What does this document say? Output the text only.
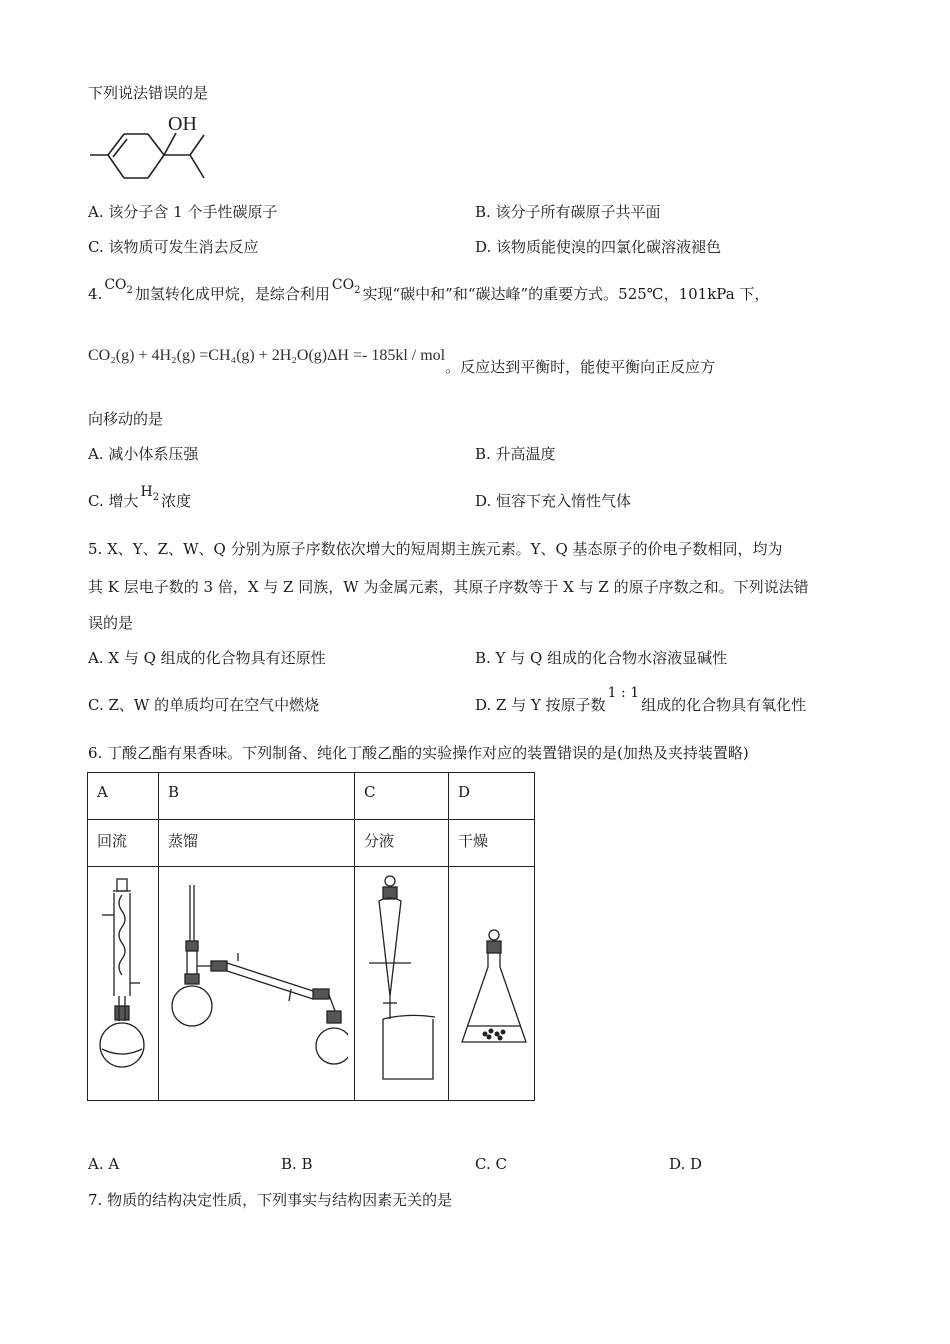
下列说法错误的是
OH
A. 该分子含 1 个手性碳原子	B. 该分子所有碳原子共平面
C. 该物质可发生消去反应	D. 该物质能使溴的四氯化碳溶液褪色
4. $CO_2$ 加氢转化成甲烷，是综合利用 $CO_2$ 实现“碳中和”和“碳达峰”的重要方式。525℃，101kPa 下，
CO₂(g) + 4H₂(g) =CH₄(g) + 2H₂O(g)ΔH =- 185kl / mol。反应达到平衡时，能使平衡向正反应方
向移动的是
A. 减小体系压强	B. 升高温度
C. 增大 $H_2$ 浓度	D. 恒容下充入惰性气体
5. X、Y、Z、W、Q 分别为原子序数依次增大的短周期主族元素。Y、Q 基态原子的价电子数相同，均为
其 K 层电子数的 3 倍，X 与 Z 同族，W 为金属元素，其原子序数等于 X 与 Z 的原子序数之和。下列说法错
误的是
A. X 与 Q 组成的化合物具有还原性	B. Y 与 Q 组成的化合物水溶液显碱性
C. Z、W 的单质均可在空气中燃烧	D. Z 与 Y 按原子数1 : 1组成的化合物具有氧化性
6. 丁酸乙酯有果香味。下列制备、纯化丁酸乙酯的实验操作对应的装置错误的是(加热及夹持装置略)
A	B	C	D
回流	蒸馏	分液	干燥

A. A	B. B	C. C	D. D
7. 物质的结构决定性质，下列事实与结构因素无关的是
